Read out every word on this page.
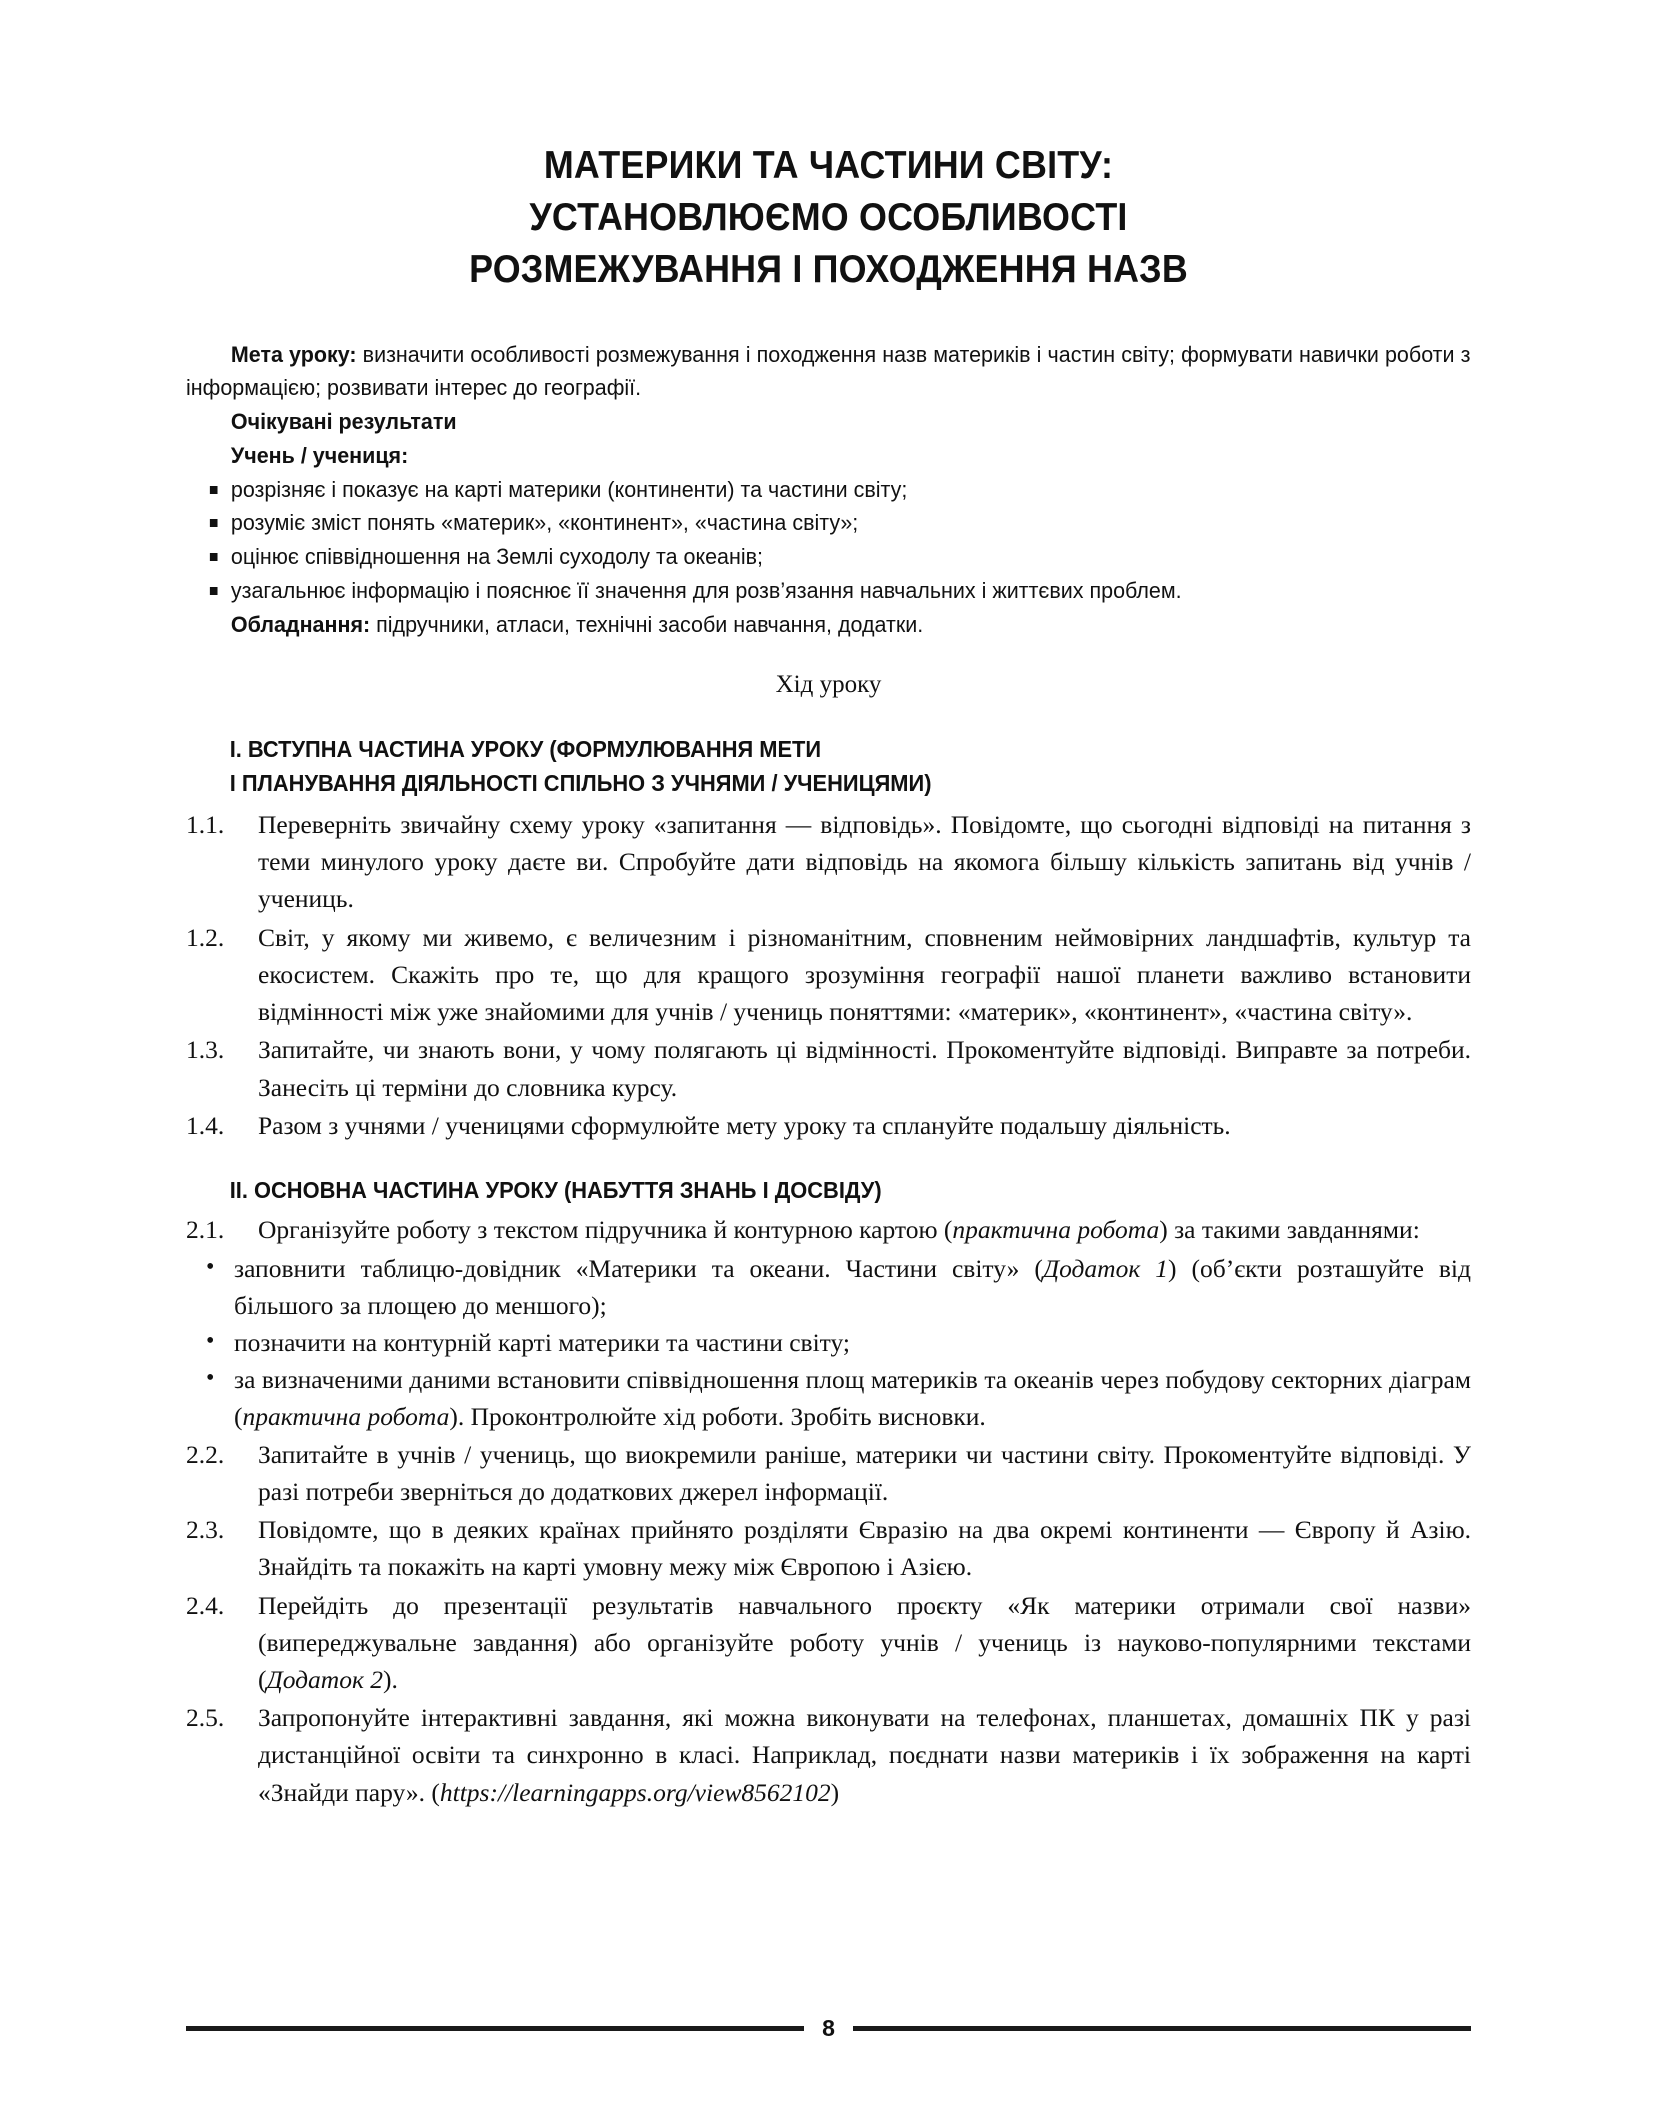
МАТЕРИКИ ТА ЧАСТИНИ СВІТУ:
УСТАНОВЛЮЄМО ОСОБЛИВОСТІ
РОЗМЕЖУВАННЯ І ПОХОДЖЕННЯ НАЗВ

Мета уроку: визначити особливості розмежування і походження назв материків і частин світу; формувати навички роботи з інформацією; розвивати інтерес до географії.

Очікувані результати

Учень / учениця:

розрізняє і показує на карті материки (континенти) та частини світу;
розуміє зміст понять «материк», «континент», «частина світу»;
оцінює співвідношення на Землі суходолу та океанів;
узагальнює інформацію і пояснює її значення для розв’язання навчальних і життєвих проблем.

Обладнання: підручники, атласи, технічні засоби навчання, додатки.

Хід уроку
I. ВСТУПНА ЧАСТИНА УРОКУ (ФОРМУЛЮВАННЯ МЕТИ
І ПЛАНУВАННЯ ДІЯЛЬНОСТІ СПІЛЬНО З УЧНЯМИ / УЧЕНИЦЯМИ)
1.1.	Переверніть звичайну схему уроку «запитання — відповідь». Повідомте, що сьогодні відповіді на питання з теми минулого уроку даєте ви. Спробуйте дати відповідь на якомога більшу кількість запитань від учнів / учениць.
1.2.	Світ, у якому ми живемо, є величезним і різноманітним, сповненим неймовірних ландшафтів, культур та екосистем. Скажіть про те, що для кращого зрозуміння географії нашої планети важливо встановити відмінності між уже знайомими для учнів / учениць поняттями: «материк», «континент», «частина світу».
1.3.	Запитайте, чи знають вони, у чому полягають ці відмінності. Прокоментуйте відповіді. Виправте за потреби. Занесіть ці терміни до словника курсу.
1.4.	Разом з учнями / ученицями сформулюйте мету уроку та сплануйте подальшу діяльність.
II. ОСНОВНА ЧАСТИНА УРОКУ (НАБУТТЯ ЗНАНЬ І ДОСВІДУ)
2.1.	Організуйте роботу з текстом підручника й контурною картою (практична робота) за такими завданнями:
• заповнити таблицю-довідник «Материки та океани. Частини світу» (Додаток 1) (об’єкти розташуйте від більшого за площею до меншого);
• позначити на контурній карті материки та частини світу;
• за визначеними даними встановити співвідношення площ материків та океанів через побудову секторних діаграм (практична робота). Проконтролюйте хід роботи. Зробіть висновки.
2.2.	Запитайте в учнів / учениць, що виокремили раніше, материки чи частини світу. Прокоментуйте відповіді. У разі потреби зверніться до додаткових джерел інформації.
2.3.	Повідомте, що в деяких країнах прийнято розділяти Євразію на два окремі континенти — Європу й Азію. Знайдіть та покажіть на карті умовну межу між Європою і Азією.
2.4.	Перейдіть до презентації результатів навчального проєкту «Як материки отримали свої назви» (випереджувальне завдання) або організуйте роботу учнів / учениць із науково-популярними текстами (Додаток 2).
2.5.	Запропонуйте інтерактивні завдання, які можна виконувати на телефонах, планшетах, домашніх ПК у разі дистанційної освіти та синхронно в класі. Наприклад, поєднати назви материків і їх зображення на карті «Знайди пару». (https://learningapps.org/view8562102)
8
